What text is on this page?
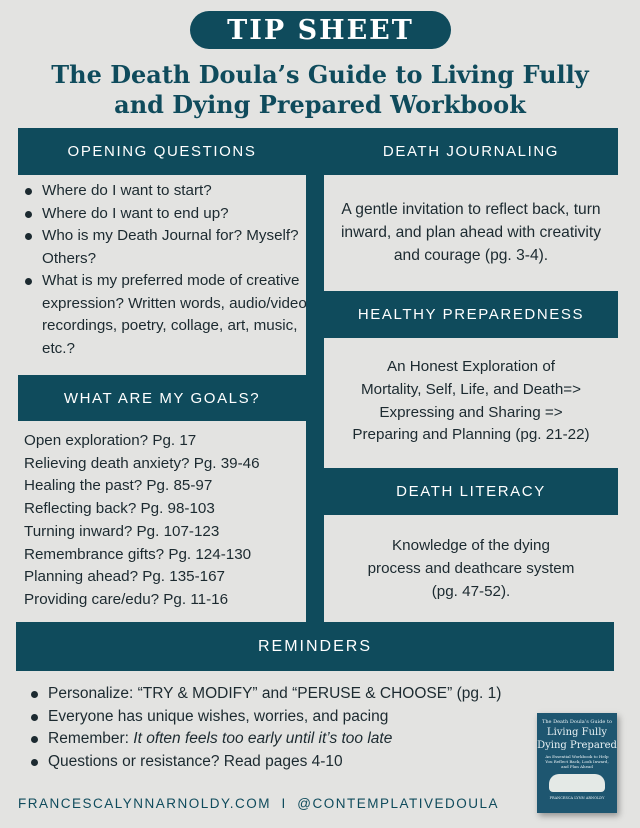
TIP SHEET
The Death Doula’s Guide to Living Fully
and Dying Prepared Workbook
OPENING QUESTIONS	DEATH JOURNALING
WHAT ARE MY GOALS?
HEALTHY PREPAREDNESS
DEATH LITERACY
REMINDERS
Where do I want to start?
Where do I want to end up?
Who is my Death Journal for? Myself? Others?
What is my preferred mode of creative expression? Written words, audio/video recordings, poetry, collage, art, music, etc.?
Open exploration? Pg. 17
Relieving death anxiety? Pg. 39-46
Healing the past? Pg. 85-97
Reflecting back? Pg. 98-103
Turning inward? Pg. 107-123
Remembrance gifts? Pg. 124-130
Planning ahead? Pg. 135-167
Providing care/edu? Pg. 11-16
A gentle invitation to reflect back, turn inward, and plan ahead with creativity and courage (pg. 3-4).
An Honest Exploration of
Mortality, Self, Life, and Death=>
Expressing and Sharing =>
Preparing and Planning (pg. 21-22)
Knowledge of the dying
process and deathcare system
(pg. 47-52).
Personalize: “TRY & MODIFY” and “PERUSE & CHOOSE” (pg. 1)
Everyone has unique wishes, worries, and pacing
Remember: It often feels too early until it’s too late
Questions or resistance? Read pages 4-10
FRANCESCALYNNARNOLDY.COM  I  @CONTEMPLATIVEDOULA
The Death Doula’s Guide to
Living Fully
Dying Prepared
An Essential Workbook to Help You Reflect Back, Look Inward, and Plan Ahead
FRANCESCA LYNN ARNOLDY
